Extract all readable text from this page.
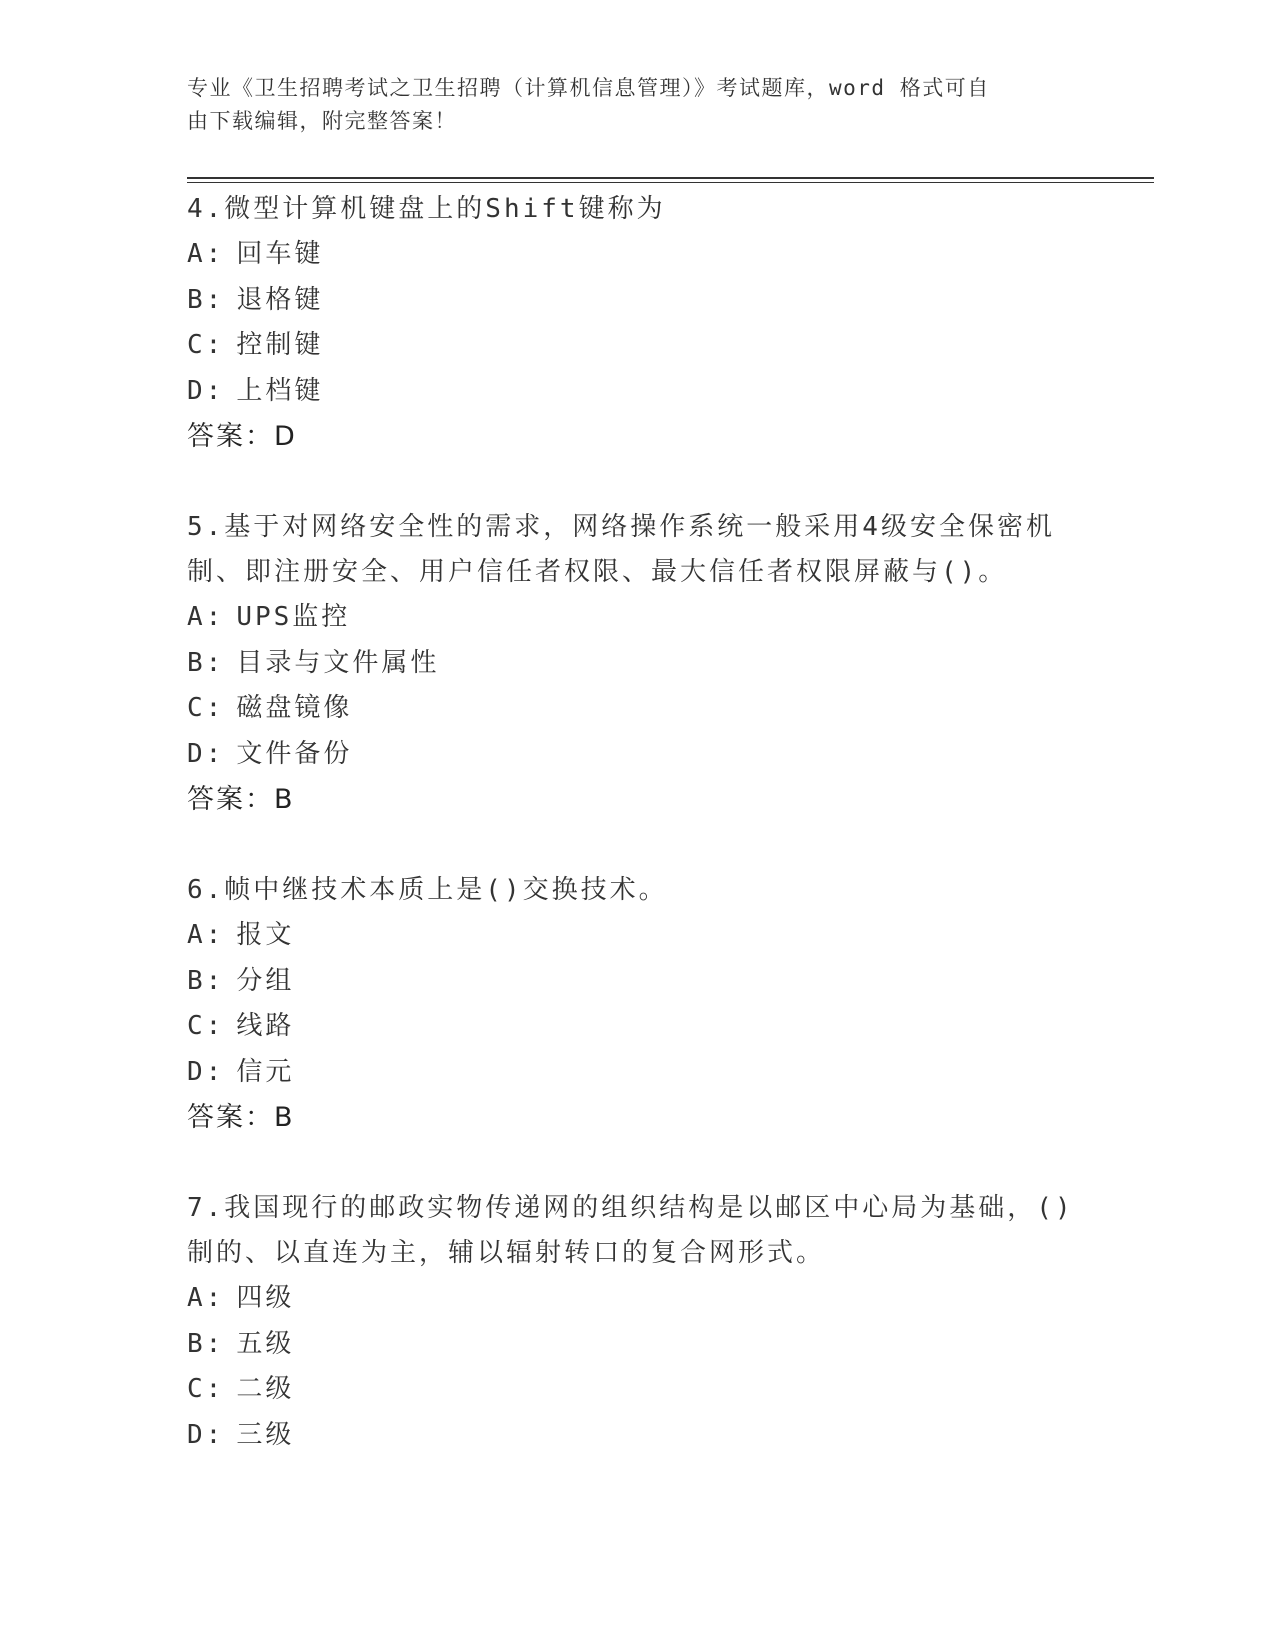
专业《卫生招聘考试之卫生招聘（计算机信息管理）》考试题库，word 格式可自
由下载编辑，附完整答案！
4.微型计算机键盘上的Shift键称为
A: 回车键
B: 退格键
C: 控制键
D: 上档键
答案：D
5.基于对网络安全性的需求，网络操作系统一般采用4级安全保密机制、即注册安全、用户信任者权限、最大信任者权限屏蔽与()。
A: UPS监控
B: 目录与文件属性
C: 磁盘镜像
D: 文件备份
答案：B
6.帧中继技术本质上是()交换技术。
A: 报文
B: 分组
C: 线路
D: 信元
答案：B
7.我国现行的邮政实物传递网的组织结构是以邮区中心局为基础，()制的、以直连为主，辅以辐射转口的复合网形式。
A: 四级
B: 五级
C: 二级
D: 三级
